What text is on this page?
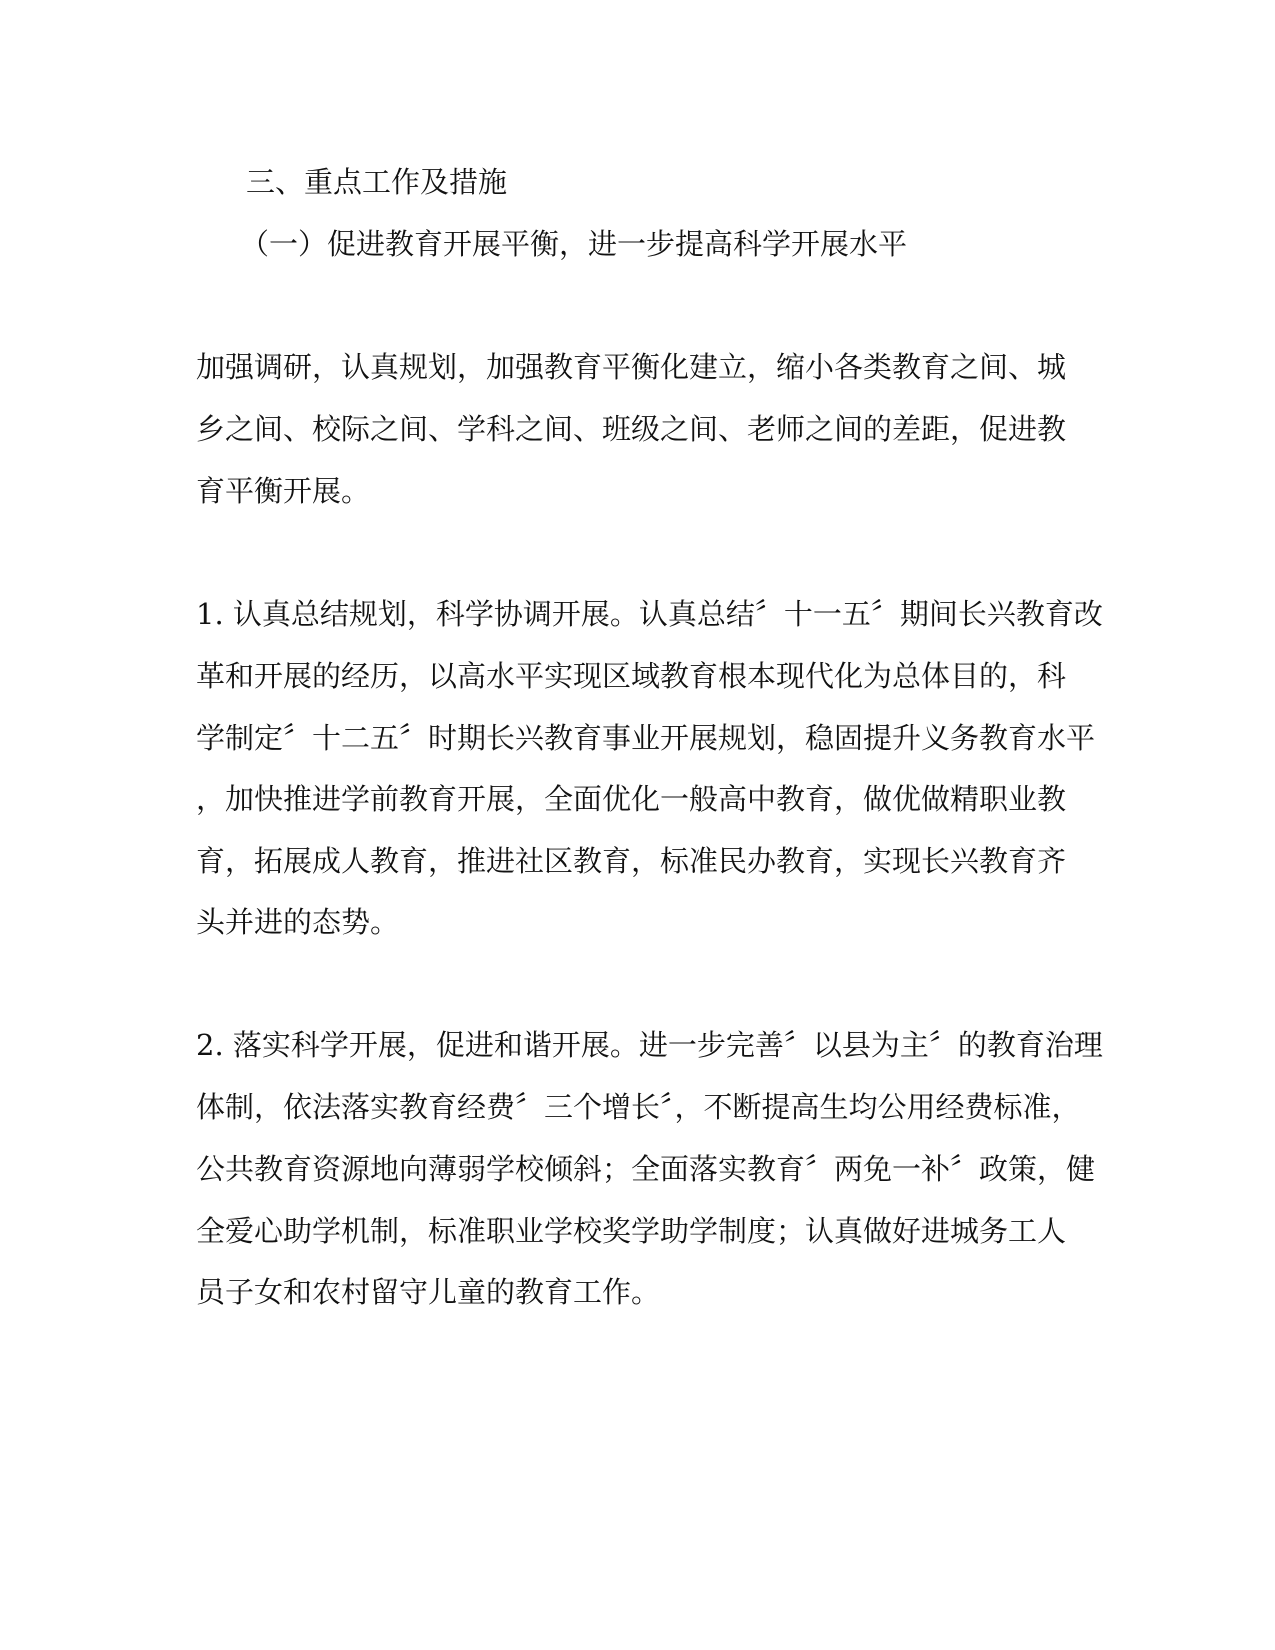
三、重点工作及措施
（一）促进教育开展平衡，进一步提高科学开展水平
加强调研，认真规划，加强教育平衡化建立，缩小各类教育之间、城
乡之间、校际之间、学科之间、班级之间、老师之间的差距，促进教
育平衡开展。
1. 认真总结规划，科学协调开展。认真总结〞十一五〞期间长兴教育改
革和开展的经历，以高水平实现区域教育根本现代化为总体目的，科
学制定〞十二五〞时期长兴教育事业开展规划，稳固提升义务教育水平
，加快推进学前教育开展，全面优化一般高中教育，做优做精职业教
育，拓展成人教育，推进社区教育，标准民办教育，实现长兴教育齐
头并进的态势。
2. 落实科学开展，促进和谐开展。进一步完善〞以县为主〞的教育治理
体制，依法落实教育经费〞三个增长〞，不断提高生均公用经费标准，
公共教育资源地向薄弱学校倾斜；全面落实教育〞两免一补〞政策，健
全爱心助学机制，标准职业学校奖学助学制度；认真做好进城务工人
员子女和农村留守儿童的教育工作。
